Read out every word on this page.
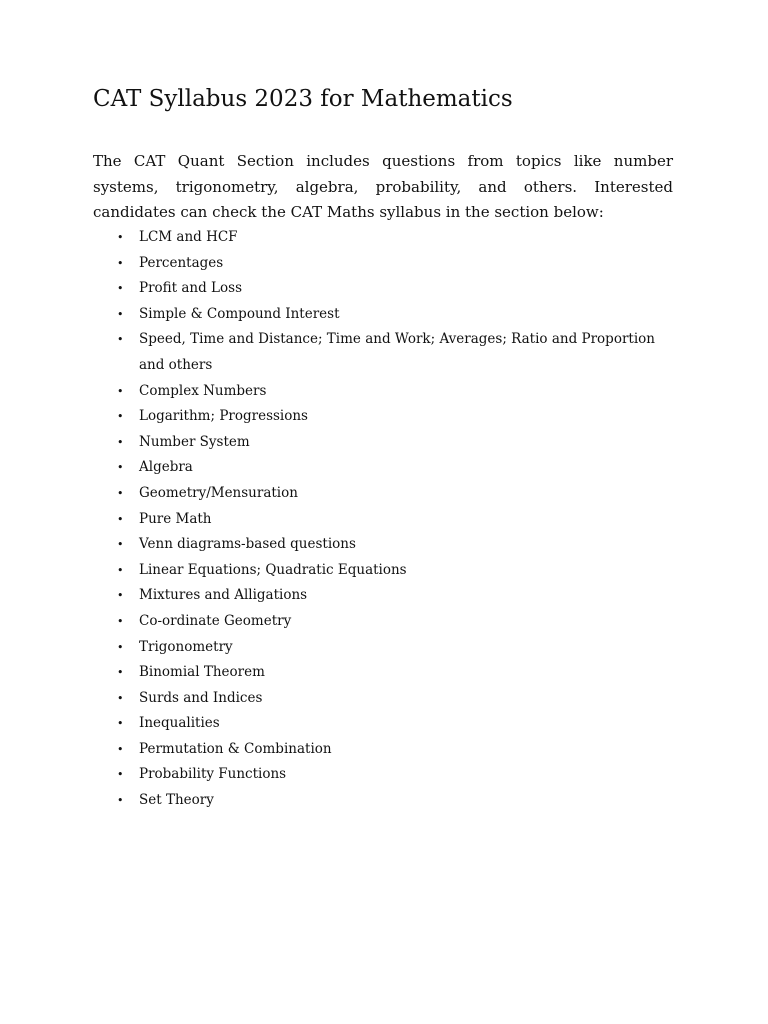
CAT Syllabus 2023 for Mathematics

The CAT Quant Section includes questions from topics like number systems, trigonometry, algebra, probability, and others. Interested candidates can check the CAT Maths syllabus in the section below:

• LCM and HCF
• Percentages
• Profit and Loss
• Simple & Compound Interest
• Speed, Time and Distance; Time and Work; Averages; Ratio and Proportion and others
• Complex Numbers
• Logarithm; Progressions
• Number System
• Algebra
• Geometry/Mensuration
• Pure Math
• Venn diagrams-based questions
• Linear Equations; Quadratic Equations
• Mixtures and Alligations
• Co-ordinate Geometry
• Trigonometry
• Binomial Theorem
• Surds and Indices
• Inequalities
• Permutation & Combination
• Probability Functions
• Set Theory
